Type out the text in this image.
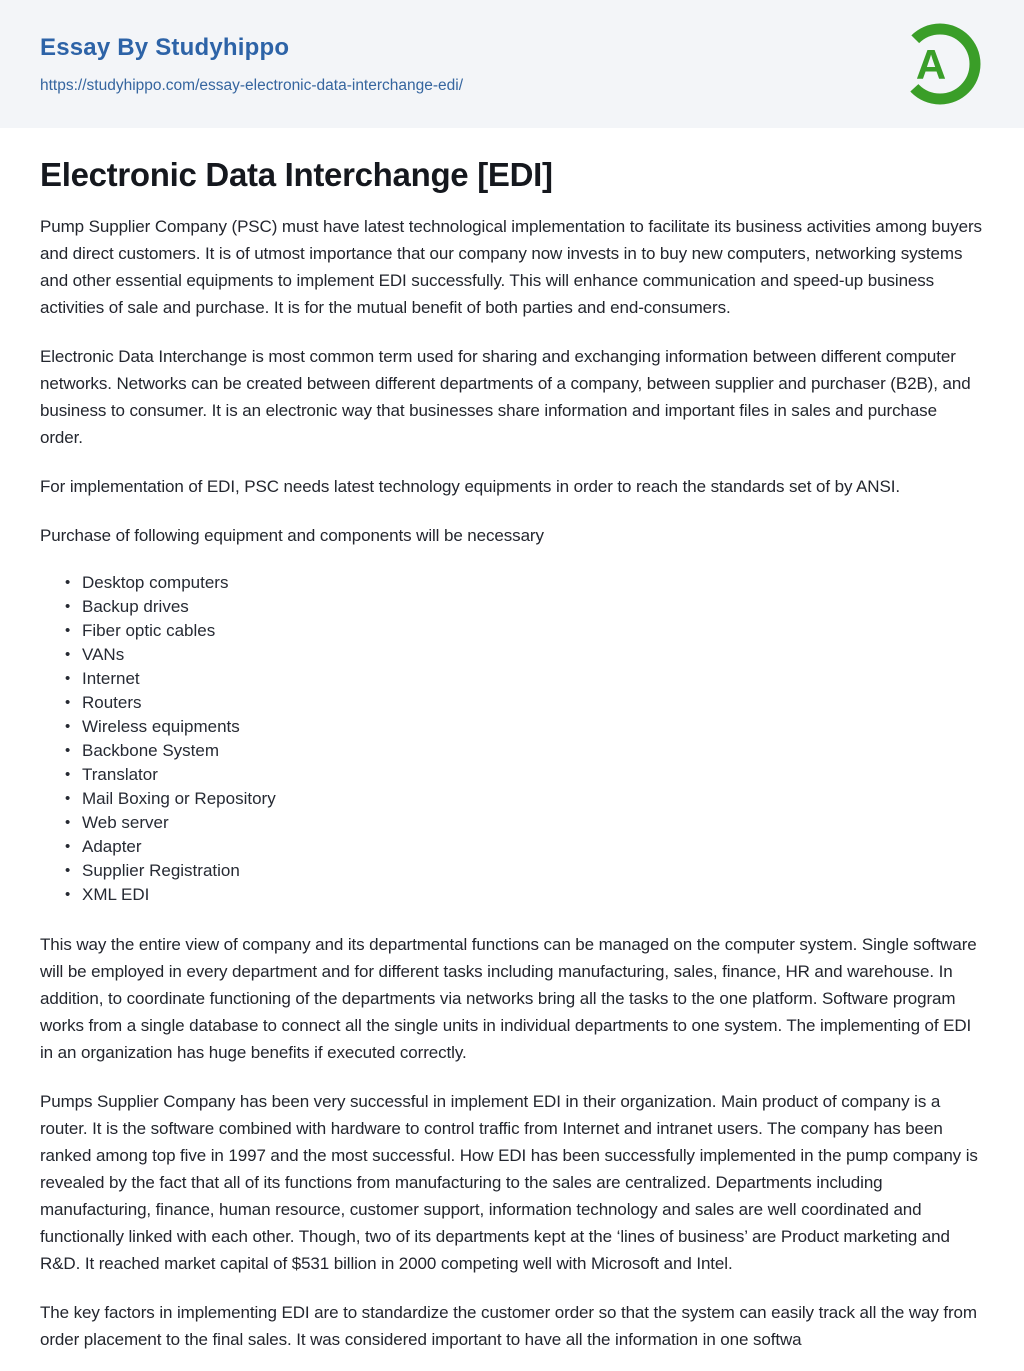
Essay By Studyhippo
https://studyhippo.com/essay-electronic-data-interchange-edi/	A
Electronic Data Interchange [EDI]

Pump Supplier Company (PSC) must have latest technological implementation to facilitate its business activities among buyers and direct customers. It is of utmost importance that our company now invests in to buy new computers, networking systems and other essential equipments to implement EDI successfully. This will enhance communication and speed-up business activities of sale and purchase. It is for the mutual benefit of both parties and end-consumers.

Electronic Data Interchange is most common term used for sharing and exchanging information between different computer networks. Networks can be created between different departments of a company, between supplier and purchaser (B2B), and business to consumer. It is an electronic way that businesses share information and important files in sales and purchase order.

For implementation of EDI, PSC needs latest technology equipments in order to reach the standards set of by ANSI.

Purchase of following equipment and components will be necessary

• Desktop computers
• Backup drives
• Fiber optic cables
• VANs
• Internet
• Routers
• Wireless equipments
• Backbone System
• Translator
• Mail Boxing or Repository
• Web server
• Adapter
• Supplier Registration
• XML EDI

This way the entire view of company and its departmental functions can be managed on the computer system. Single software will be employed in every department and for different tasks including manufacturing, sales, finance, HR and warehouse. In addition, to coordinate functioning of the departments via networks bring all the tasks to the one platform. Software program works from a single database to connect all the single units in individual departments to one system. The implementing of EDI in an organization has huge benefits if executed correctly.

Pumps Supplier Company has been very successful in implement EDI in their organization. Main product of company is a router. It is the software combined with hardware to control traffic from Internet and intranet users. The company has been ranked among top five in 1997 and the most successful. How EDI has been successfully implemented in the pump company is revealed by the fact that all of its functions from manufacturing to the sales are centralized. Departments including manufacturing, finance, human resource, customer support, information technology and sales are well coordinated and functionally linked with each other. Though, two of its departments kept at the ‘lines of business’ are Product marketing and R&D. It reached market capital of $531 billion in 2000 competing well with Microsoft and Intel.

The key factors in implementing EDI are to standardize the customer order so that the system can easily track all the way from order placement to the final sales. It was considered important to have all the information in one softwa
